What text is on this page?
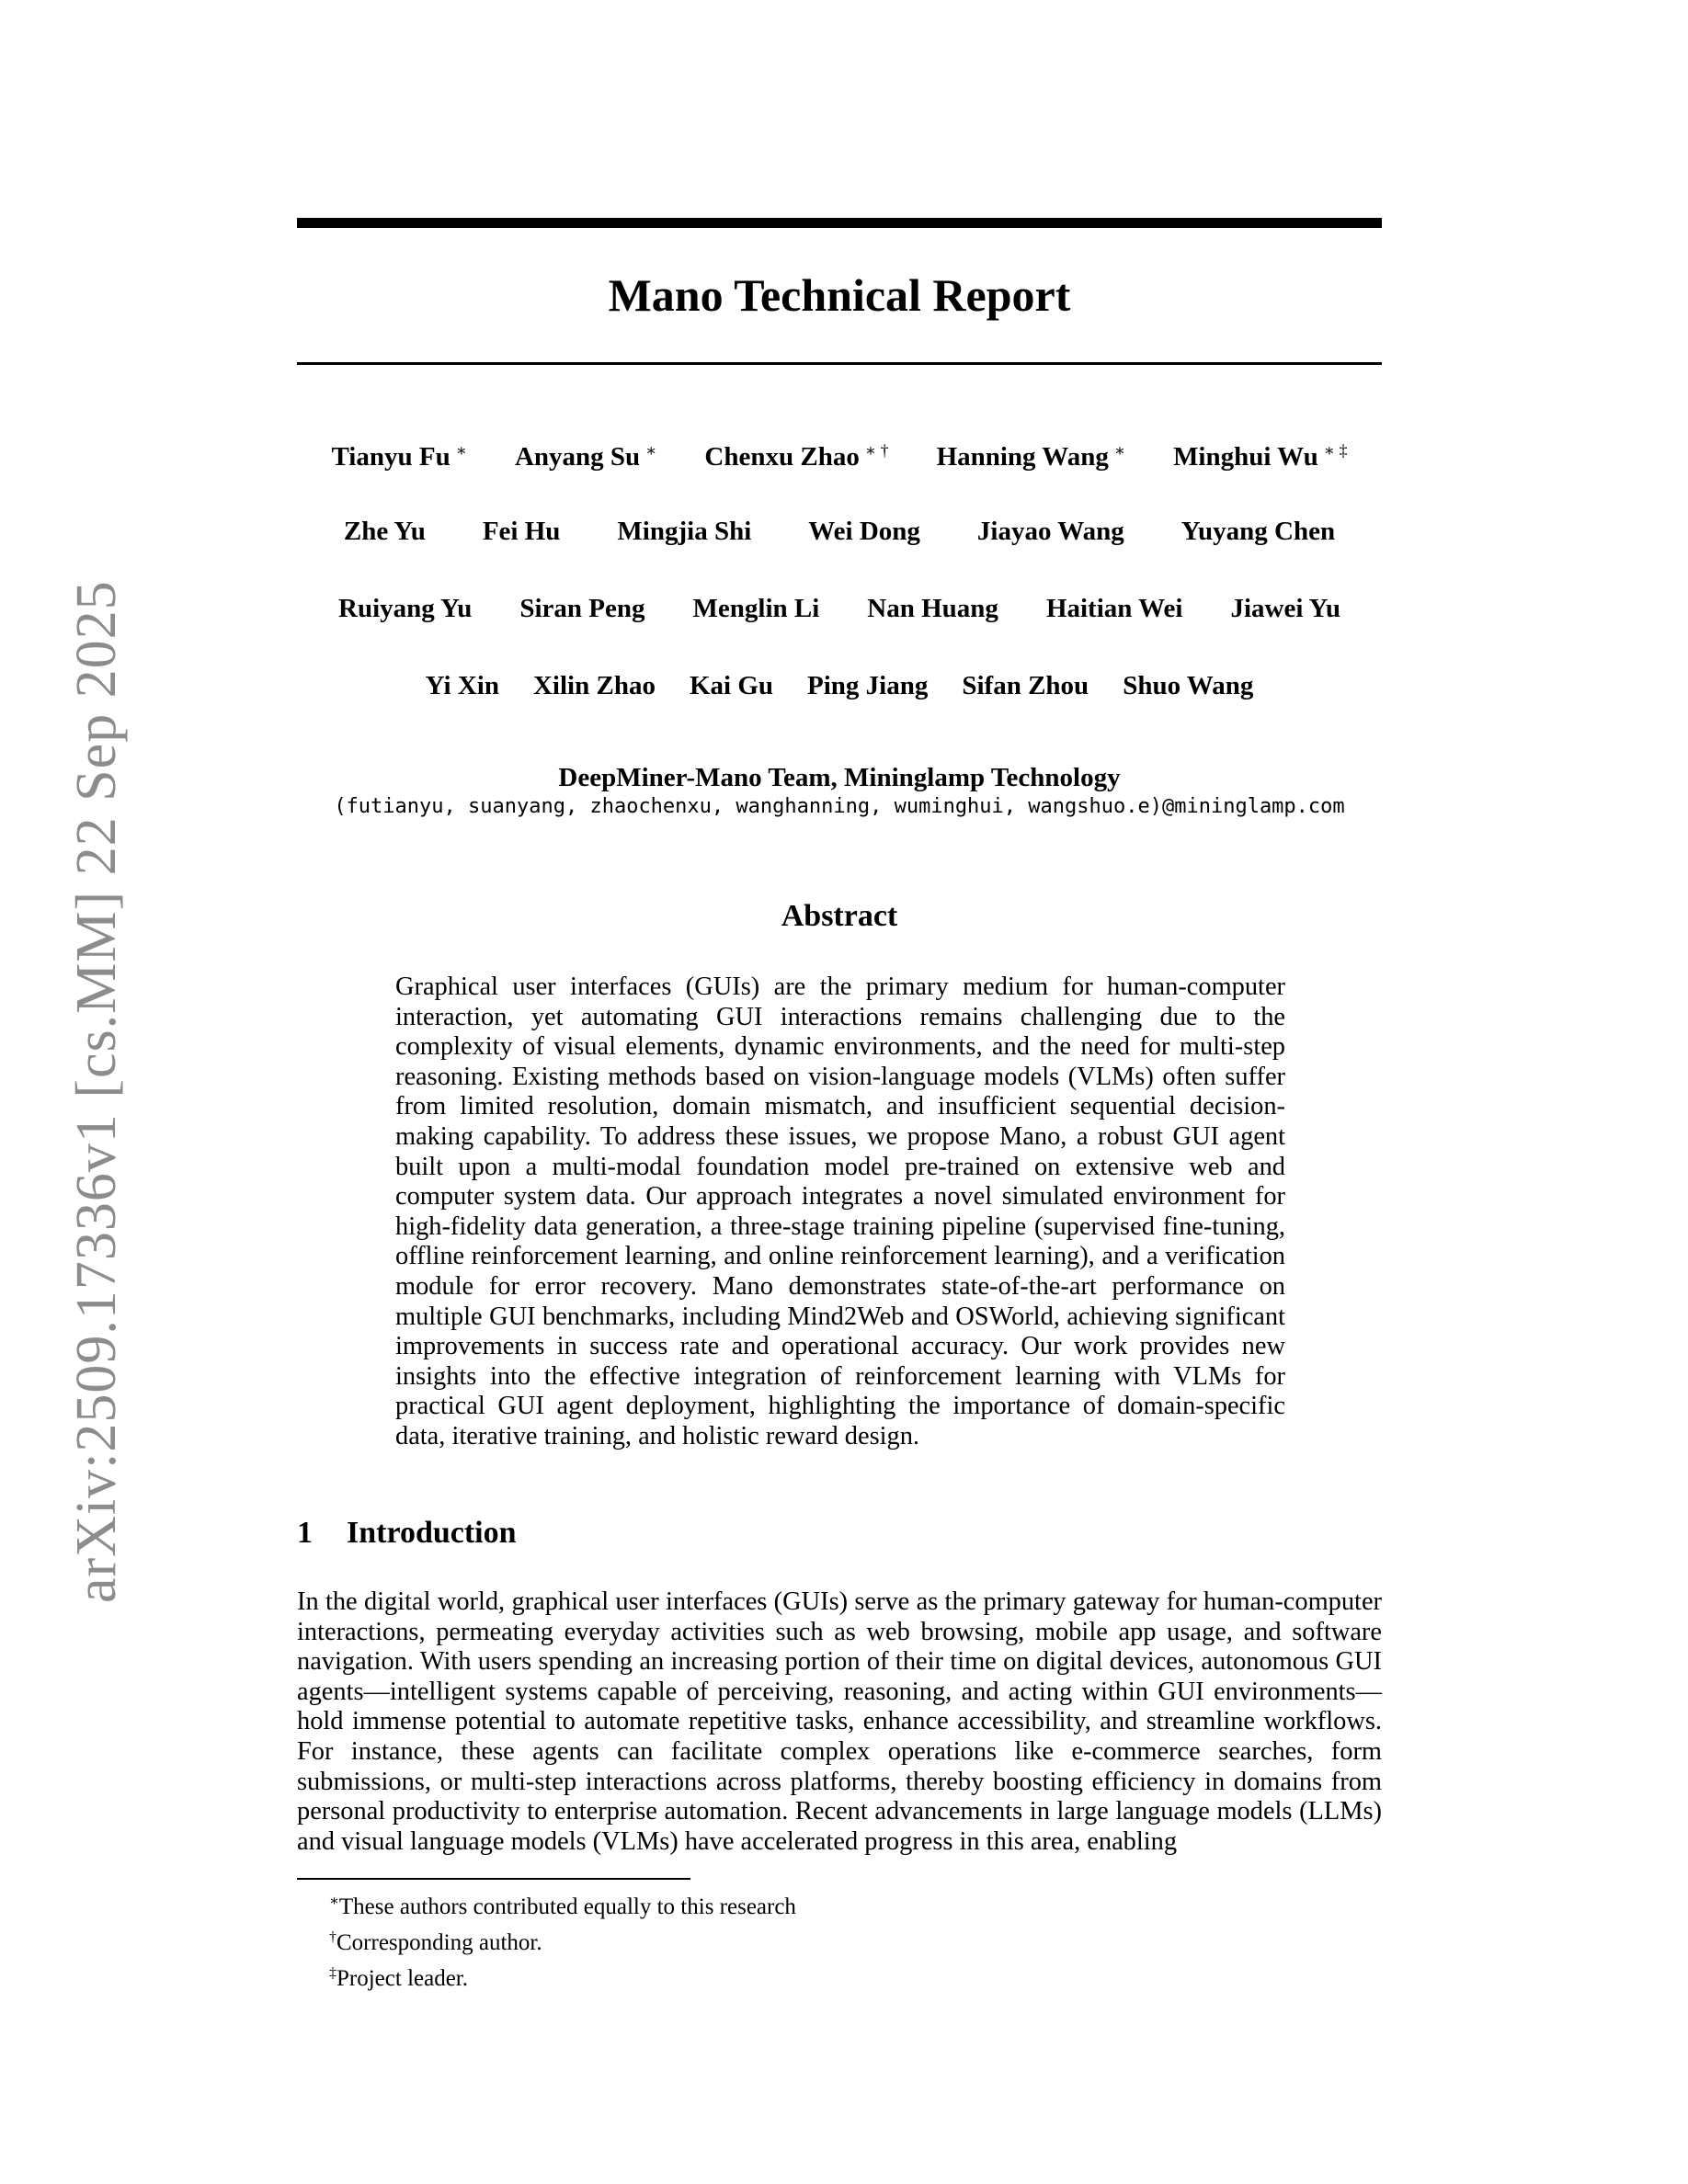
arXiv:2509.17336v1 [cs.MM] 22 Sep 2025
Mano Technical Report
Tianyu Fu ∗ Anyang Su ∗ Chenxu Zhao ∗ † Hanning Wang ∗ Minghui Wu ∗ ‡
Zhe Yu Fei Hu Mingjia Shi Wei Dong Jiayao Wang Yuyang Chen
Ruiyang Yu Siran Peng Menglin Li Nan Huang Haitian Wei Jiawei Yu
Yi Xin Xilin Zhao Kai Gu Ping Jiang Sifan Zhou Shuo Wang
DeepMiner-Mano Team, Mininglamp Technology
(futianyu, suanyang, zhaochenxu, wanghanning, wuminghui, wangshuo.e)@mininglamp.com
Abstract

Graphical user interfaces (GUIs) are the primary medium for human-computer interaction, yet automating GUI interactions remains challenging due to the complexity of visual elements, dynamic environments, and the need for multi-step reasoning. Existing methods based on vision-language models (VLMs) often suffer from limited resolution, domain mismatch, and insufficient sequential decision-making capability. To address these issues, we propose Mano, a robust GUI agent built upon a multi-modal foundation model pre-trained on extensive web and computer system data. Our approach integrates a novel simulated environment for high-fidelity data generation, a three-stage training pipeline (supervised fine-tuning, offline reinforcement learning, and online reinforcement learning), and a verification module for error recovery. Mano demonstrates state-of-the-art performance on multiple GUI benchmarks, including Mind2Web and OSWorld, achieving significant improvements in success rate and operational accuracy. Our work provides new insights into the effective integration of reinforcement learning with VLMs for practical GUI agent deployment, highlighting the importance of domain-specific data, iterative training, and holistic reward design.

1 Introduction

In the digital world, graphical user interfaces (GUIs) serve as the primary gateway for human-computer interactions, permeating everyday activities such as web browsing, mobile app usage, and software navigation. With users spending an increasing portion of their time on digital devices, autonomous GUI agents—intelligent systems capable of perceiving, reasoning, and acting within GUI environments—hold immense potential to automate repetitive tasks, enhance accessibility, and streamline workflows. For instance, these agents can facilitate complex operations like e-commerce searches, form submissions, or multi-step interactions across platforms, thereby boosting efficiency in domains from personal productivity to enterprise automation. Recent advancements in large language models (LLMs) and visual language models (VLMs) have accelerated progress in this area, enabling

∗These authors contributed equally to this research
†Corresponding author.
‡Project leader.
